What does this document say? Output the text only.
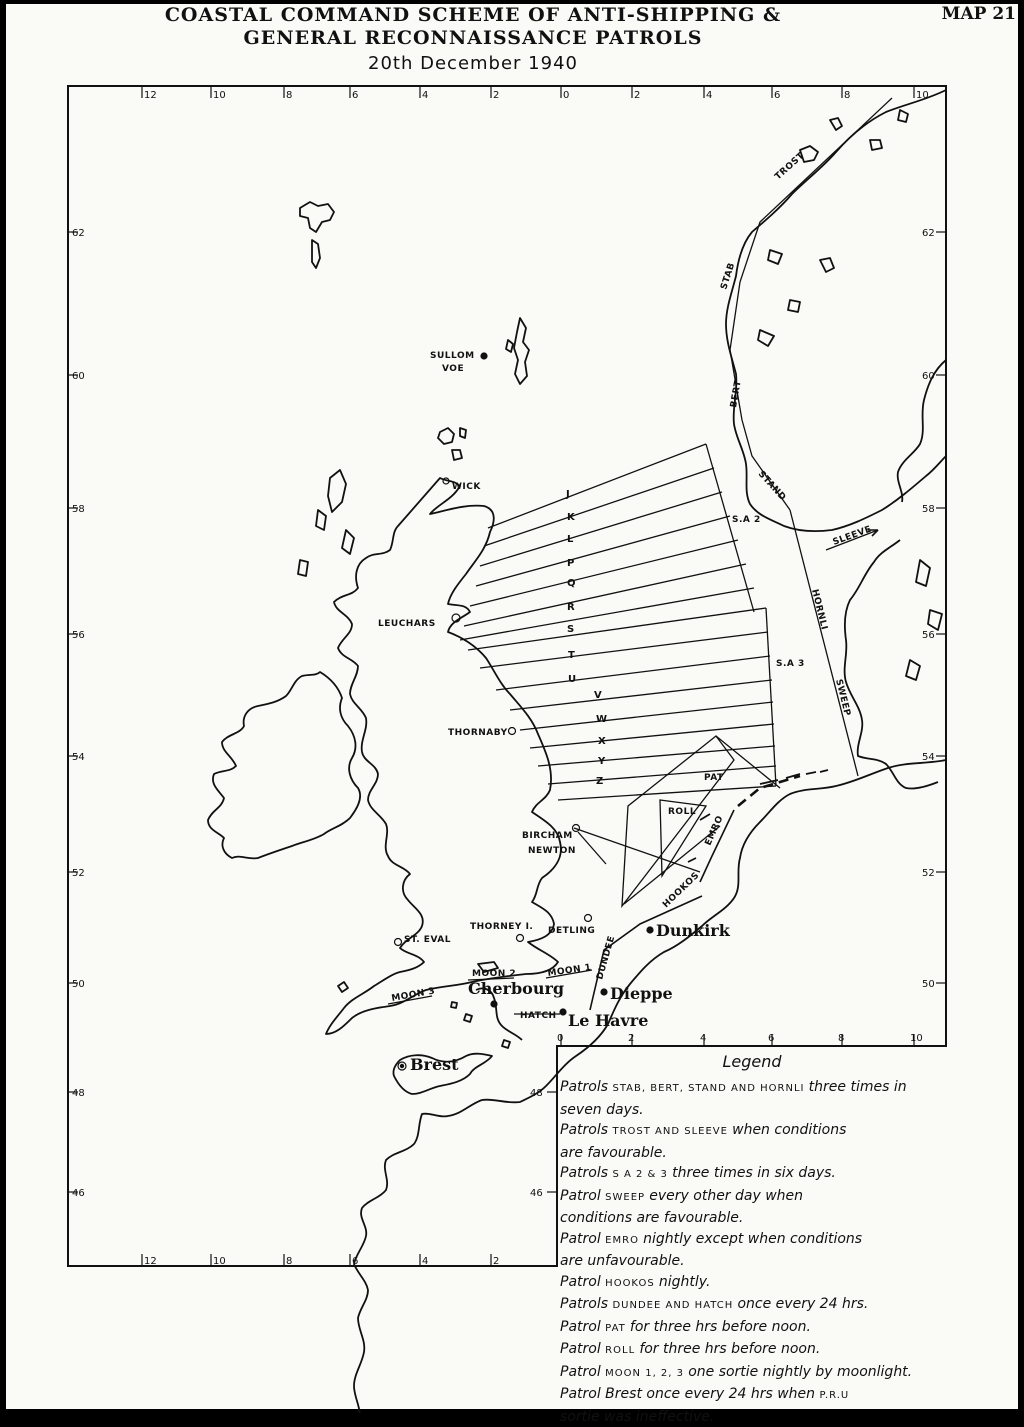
COASTAL COMMAND SCHEME OF ANTI-SHIPPING &
GENERAL RECONNAISSANCE PATROLS
20th December 1940
MAP 21
12	10	8	6	4	2	0	2	4	6	8	10
12	10	8	6	4	2
0	2	4	6	8	10
62
60
58
56
54
52
50
48
46
62
60
58
56
54
52
50
48
46
SULLOM
VOE
WICK
LEUCHARS
THORNABY
BIRCHAM
NEWTON
THORNEY I. DETLING
ST. EVAL	Dunkirk
Dieppe
Cherbourg
Le Havre
Brest
J
K
L
P
Q
R
S
T
U
V
W
X
Y
Z
S.A 2
S.A 3
TROST
STAB
BERT
STAND
SLEEVE
HORNLI
SWEEP
PAT
ROLL
EMRO
HOOKOS
DUNDEE
HATCH
MOON 1
MOON 2
MOON 3
Legend
Patrols STAB, BERT, STAND AND HORNLI three times in
seven days.
Patrols TROST AND SLEEVE when conditions
are favourable.
Patrols S A 2 & 3 three times in six days.
Patrol SWEEP every other day when
conditions are favourable.
Patrol EMRO nightly except when conditions
are unfavourable.
Patrol HOOKOS nightly.
Patrols DUNDEE AND HATCH once every 24 hrs.
Patrol PAT for three hrs before noon.
Patrol ROLL for three hrs before noon.
Patrol MOON 1, 2, 3 one sortie nightly by moonlight.
Patrol Brest once every 24 hrs when P.R.U
sortie was ineffective.
